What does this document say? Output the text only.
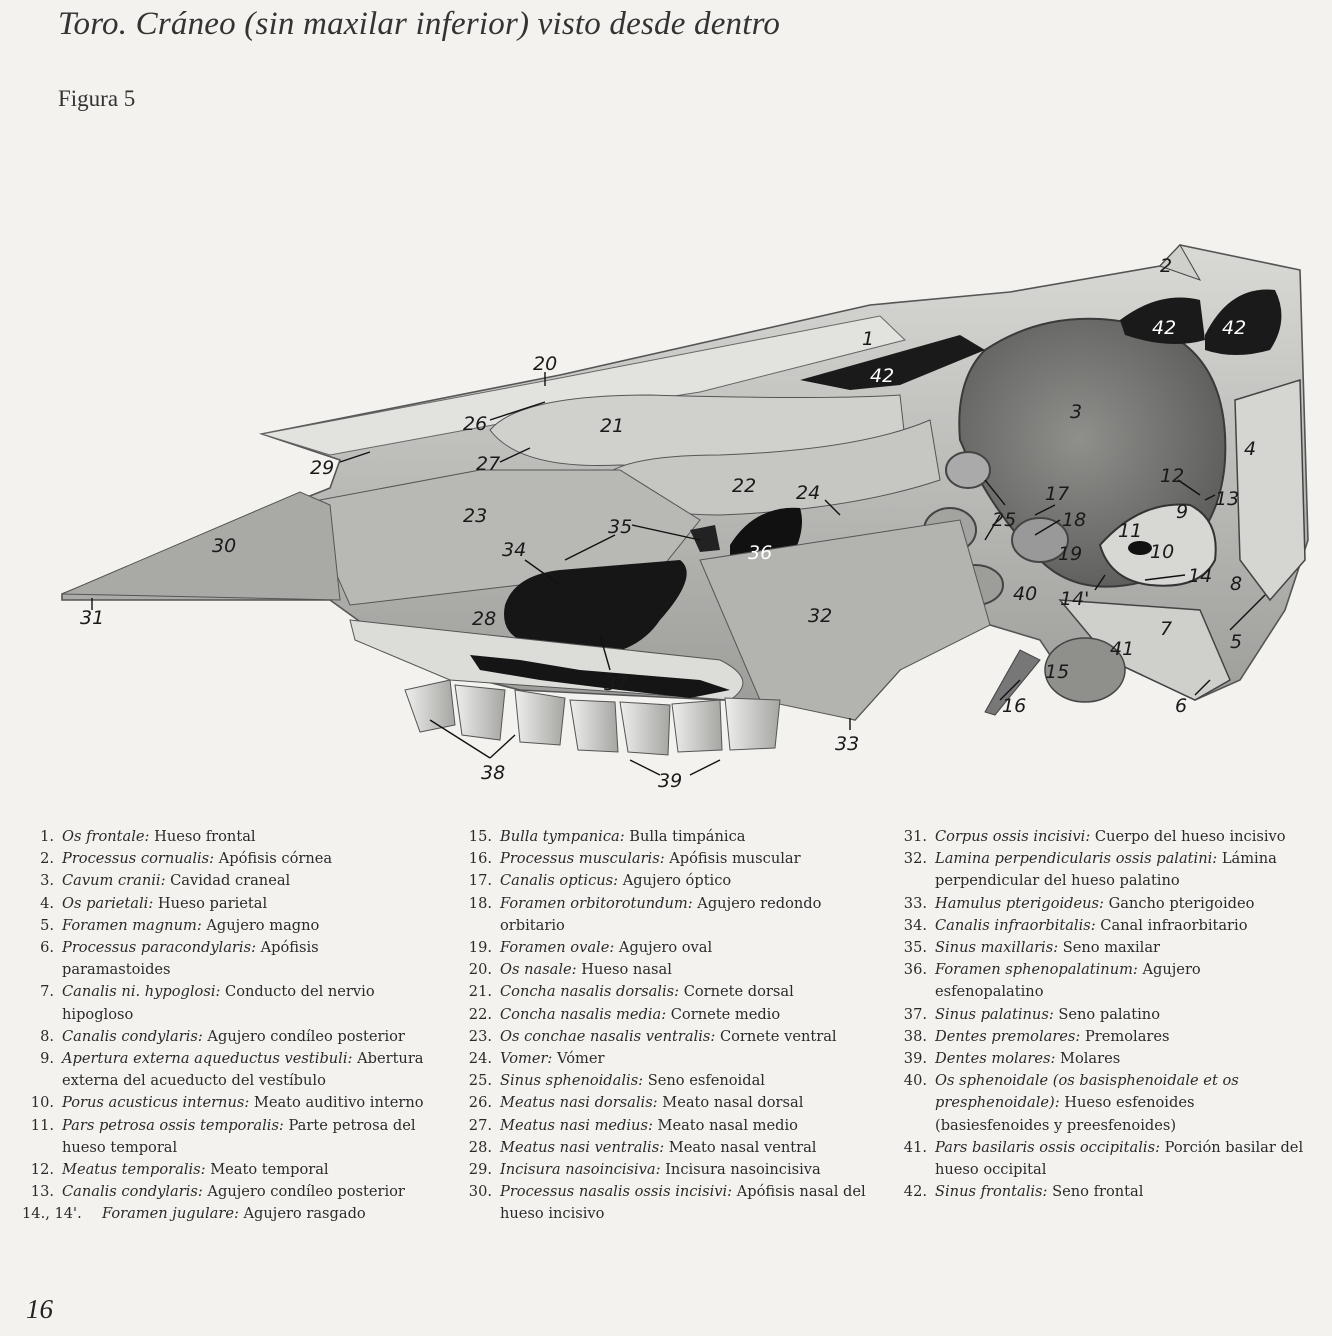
Toro. Cráneo (sin maxilar inferior) visto desde dentro
Figura 5
1
2
3
4
5
6
7
8
9
10
11
12
13
14
14'
15
16
17
18
19
20
21
22
23
24
25
26
27
28
29
30
31	32
33
34
35
36
37
38	39
40
41
42 42
42
1. Os frontale: Hueso frontal
2. Processus cornualis: Apófisis córnea
3. Cavum cranii: Cavidad craneal
4. Os parietali: Hueso parietal
5. Foramen magnum: Agujero magno
6. Processus paracondylaris: Apófisis paramastoides
7. Canalis ni. hypoglosi: Conducto del nervio hipogloso
8. Canalis condylaris: Agujero condíleo posterior
9. Apertura externa aqueductus vestibuli: Abertura externa del acueducto del vestíbulo
10. Porus acusticus internus: Meato auditivo interno
11. Pars petrosa ossis temporalis: Parte petrosa del hueso temporal
12. Meatus temporalis: Meato temporal
13. Canalis condylaris: Agujero condíleo posterior
14., 14'. Foramen jugulare: Agujero rasgado
15. Bulla tympanica: Bulla timpánica
16. Processus muscularis: Apófisis muscular
17. Canalis opticus: Agujero óptico
18. Foramen orbitorotundum: Agujero redondo orbitario
19. Foramen ovale: Agujero oval
20. Os nasale: Hueso nasal
21. Concha nasalis dorsalis: Cornete dorsal
22. Concha nasalis media: Cornete medio
23. Os conchae nasalis ventralis: Cornete ventral
24. Vomer: Vómer
25. Sinus sphenoidalis: Seno esfenoidal
26. Meatus nasi dorsalis: Meato nasal dorsal
27. Meatus nasi medius: Meato nasal medio
28. Meatus nasi ventralis: Meato nasal ventral
29. Incisura nasoincisiva: Incisura nasoincisiva
30. Processus nasalis ossis incisivi: Apófisis nasal del hueso incisivo
31. Corpus ossis incisivi: Cuerpo del hueso incisivo
32. Lamina perpendicularis ossis palatini: Lámina perpendicular del hueso palatino
33. Hamulus pterigoideus: Gancho pterigoideo
34. Canalis infraorbitalis: Canal infraorbitario
35. Sinus maxillaris: Seno maxilar
36. Foramen sphenopalatinum: Agujero esfenopalatino
37. Sinus palatinus: Seno palatino
38. Dentes premolares: Premolares
39. Dentes molares: Molares
40. Os sphenoidale (os basisphenoidale et os presphenoidale): Hueso esfenoides (basiesfenoides y preesfenoides)
41. Pars basilaris ossis occipitalis: Porción basilar del hueso occipital
42. Sinus frontalis: Seno frontal
16
